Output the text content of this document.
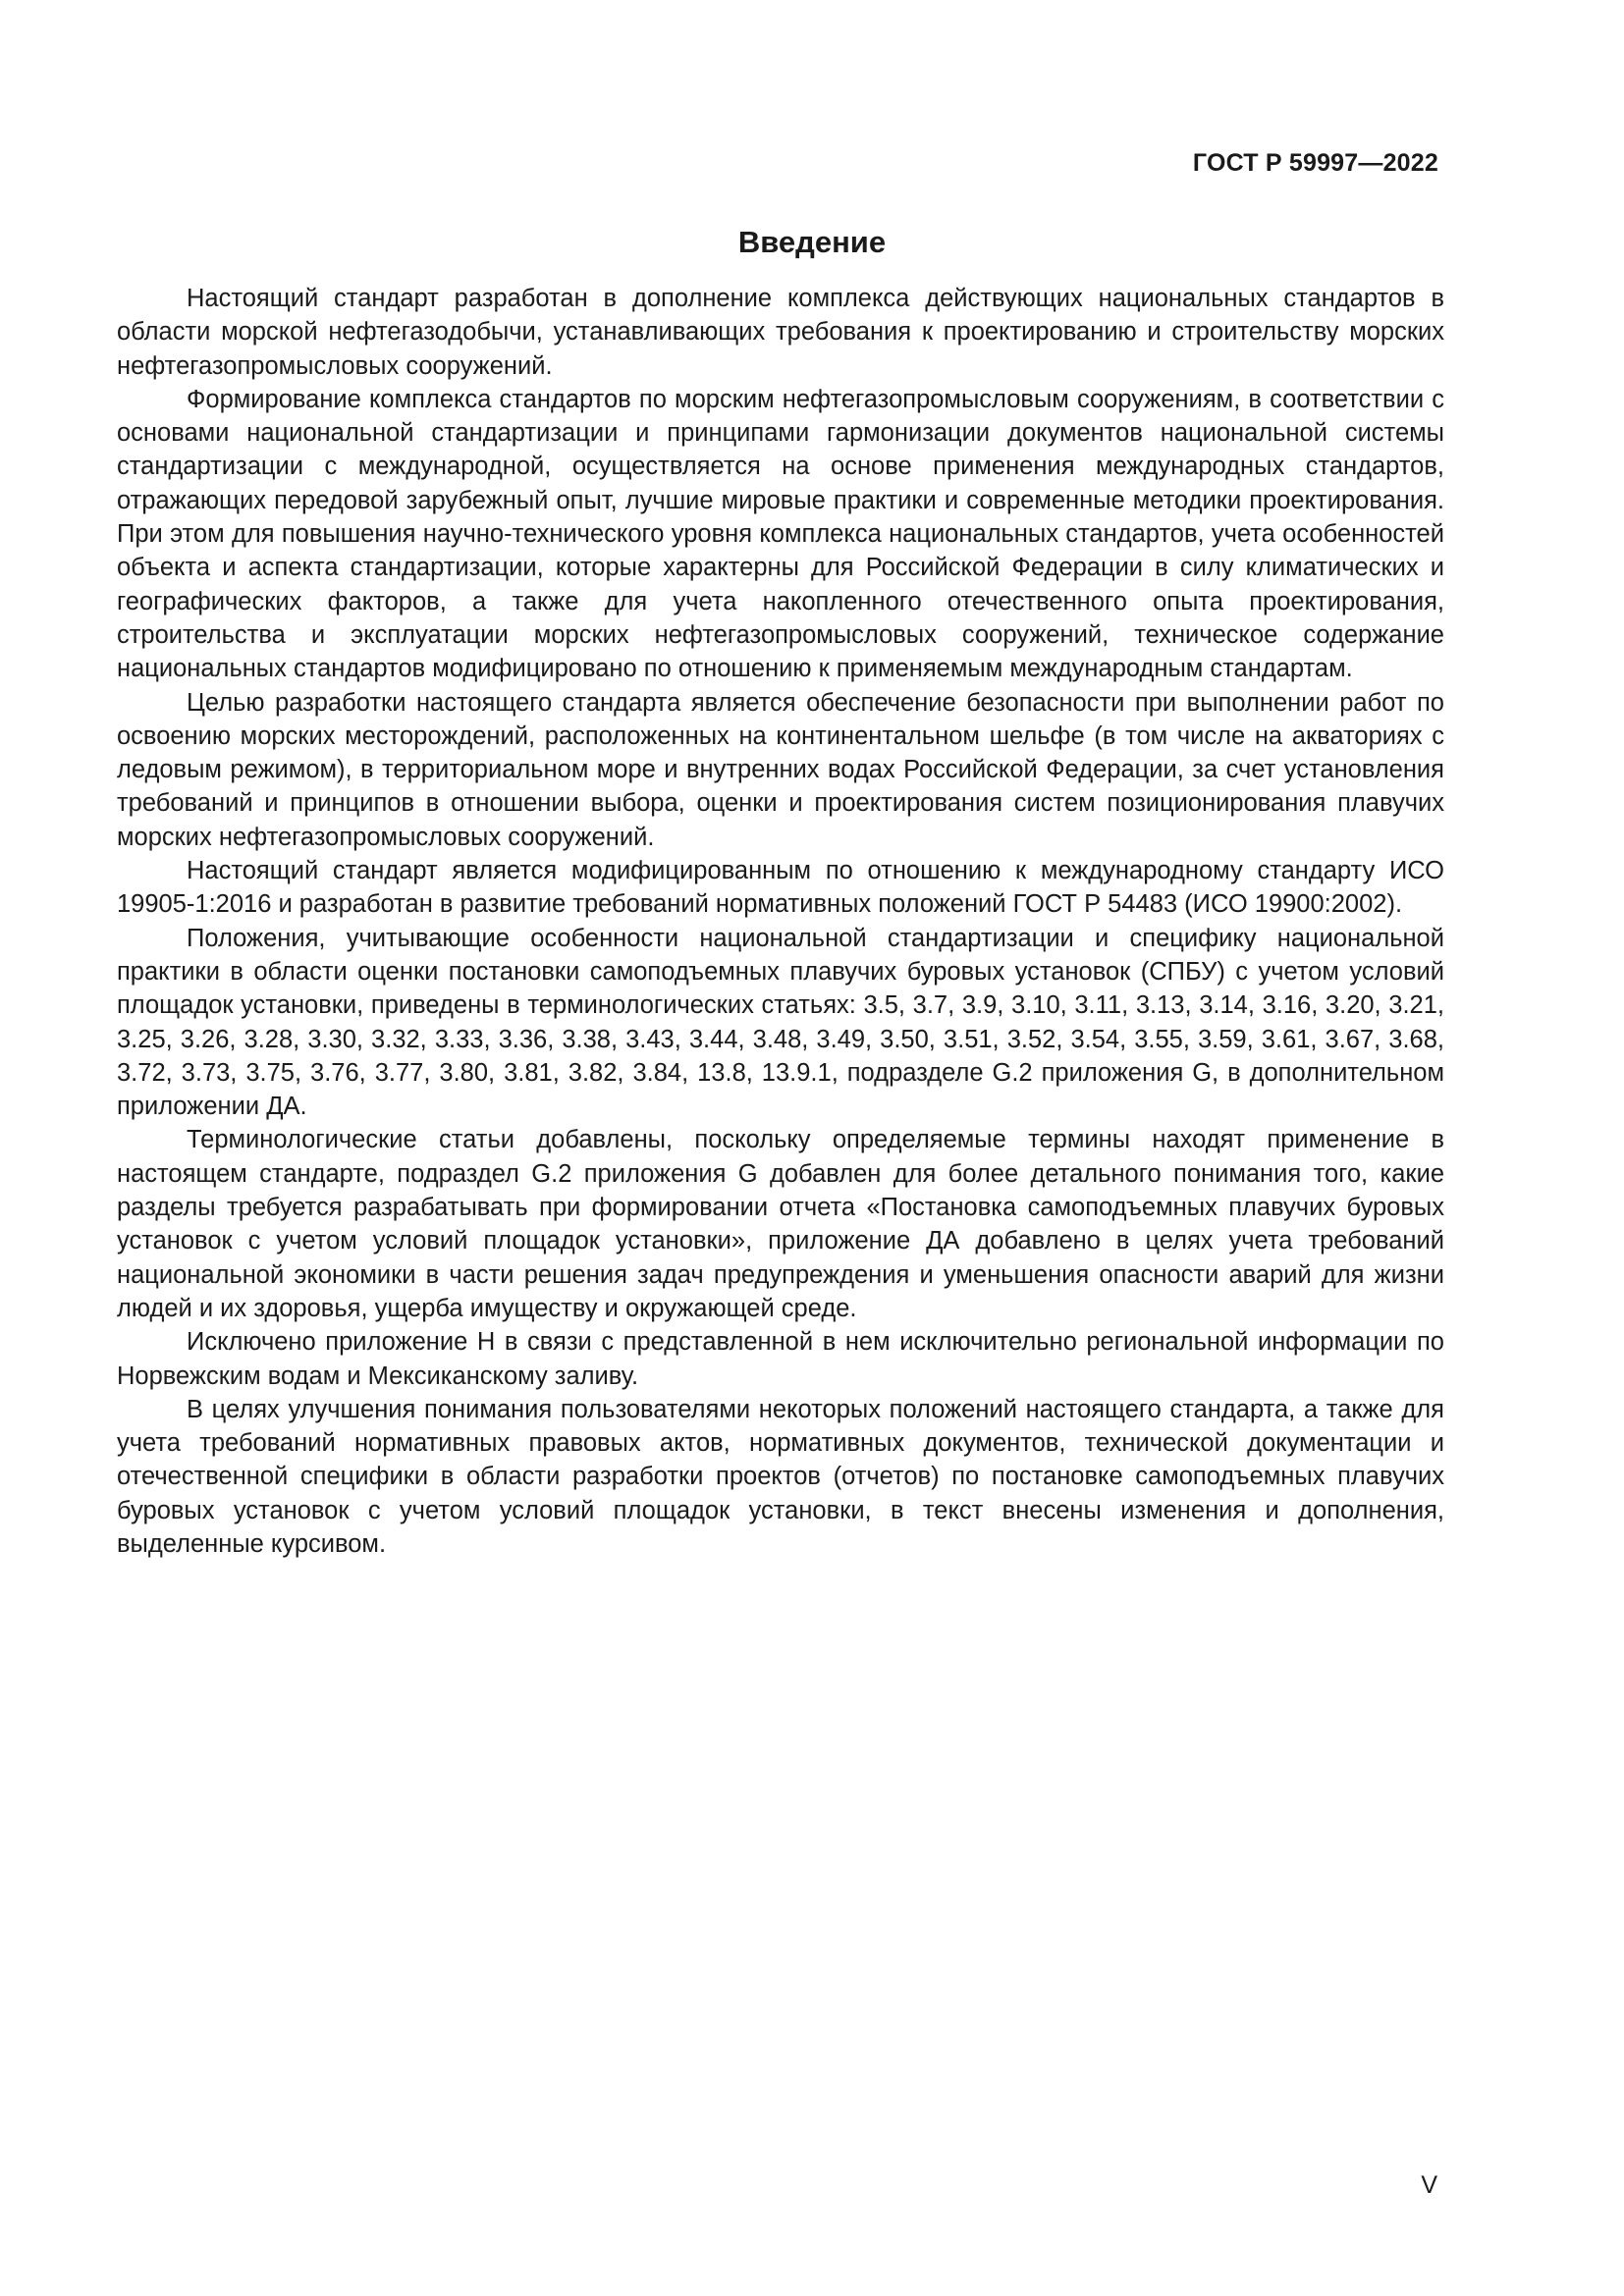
ГОСТ Р 59997—2022
Введение

Настоящий стандарт разработан в дополнение комплекса действующих национальных стандартов в области морской нефтегазодобычи, устанавливающих требования к проектированию и строительству морских нефтегазопромысловых сооружений.

Формирование комплекса стандартов по морским нефтегазопромысловым сооружениям, в соответствии с основами национальной стандартизации и принципами гармонизации документов национальной системы стандартизации с международной, осуществляется на основе применения международных стандартов, отражающих передовой зарубежный опыт, лучшие мировые практики и современные методики проектирования. При этом для повышения научно-технического уровня комплекса национальных стандартов, учета особенностей объекта и аспекта стандартизации, которые характерны для Российской Федерации в силу климатических и географических факторов, а также для учета накопленного отечественного опыта проектирования, строительства и эксплуатации морских нефтегазопромысловых сооружений, техническое содержание национальных стандартов модифицировано по отношению к применяемым международным стандартам.

Целью разработки настоящего стандарта является обеспечение безопасности при выполнении работ по освоению морских месторождений, расположенных на континентальном шельфе (в том числе на акваториях с ледовым режимом), в территориальном море и внутренних водах Российской Федерации, за счет установления требований и принципов в отношении выбора, оценки и проектирования систем позиционирования плавучих морских нефтегазопромысловых сооружений.

Настоящий стандарт является модифицированным по отношению к международному стандарту ИСО 19905-1:2016 и разработан в развитие требований нормативных положений ГОСТ Р 54483 (ИСО 19900:2002).

Положения, учитывающие особенности национальной стандартизации и специфику национальной практики в области оценки постановки самоподъемных плавучих буровых установок (СПБУ) с учетом условий площадок установки, приведены в терминологических статьях: 3.5, 3.7, 3.9, 3.10, 3.11, 3.13, 3.14, 3.16, 3.20, 3.21, 3.25, 3.26, 3.28, 3.30, 3.32, 3.33, 3.36, 3.38, 3.43, 3.44, 3.48, 3.49, 3.50, 3.51, 3.52, 3.54, 3.55, 3.59, 3.61, 3.67, 3.68, 3.72, 3.73, 3.75, 3.76, 3.77, 3.80, 3.81, 3.82, 3.84, 13.8, 13.9.1, подразделе G.2 приложения G, в дополнительном приложении ДА.

Терминологические статьи добавлены, поскольку определяемые термины находят применение в настоящем стандарте, подраздел G.2 приложения G добавлен для более детального понимания того, какие разделы требуется разрабатывать при формировании отчета «Постановка самоподъемных плавучих буровых установок с учетом условий площадок установки», приложение ДА добавлено в целях учета требований национальной экономики в части решения задач предупреждения и уменьшения опасности аварий для жизни людей и их здоровья, ущерба имуществу и окружающей среде.

Исключено приложение H в связи с представленной в нем исключительно региональной информации по Норвежским водам и Мексиканскому заливу.

В целях улучшения понимания пользователями некоторых положений настоящего стандарта, а также для учета требований нормативных правовых актов, нормативных документов, технической документации и отечественной специфики в области разработки проектов (отчетов) по постановке самоподъемных плавучих буровых установок с учетом условий площадок установки, в текст внесены изменения и дополнения, выделенные курсивом.

V
